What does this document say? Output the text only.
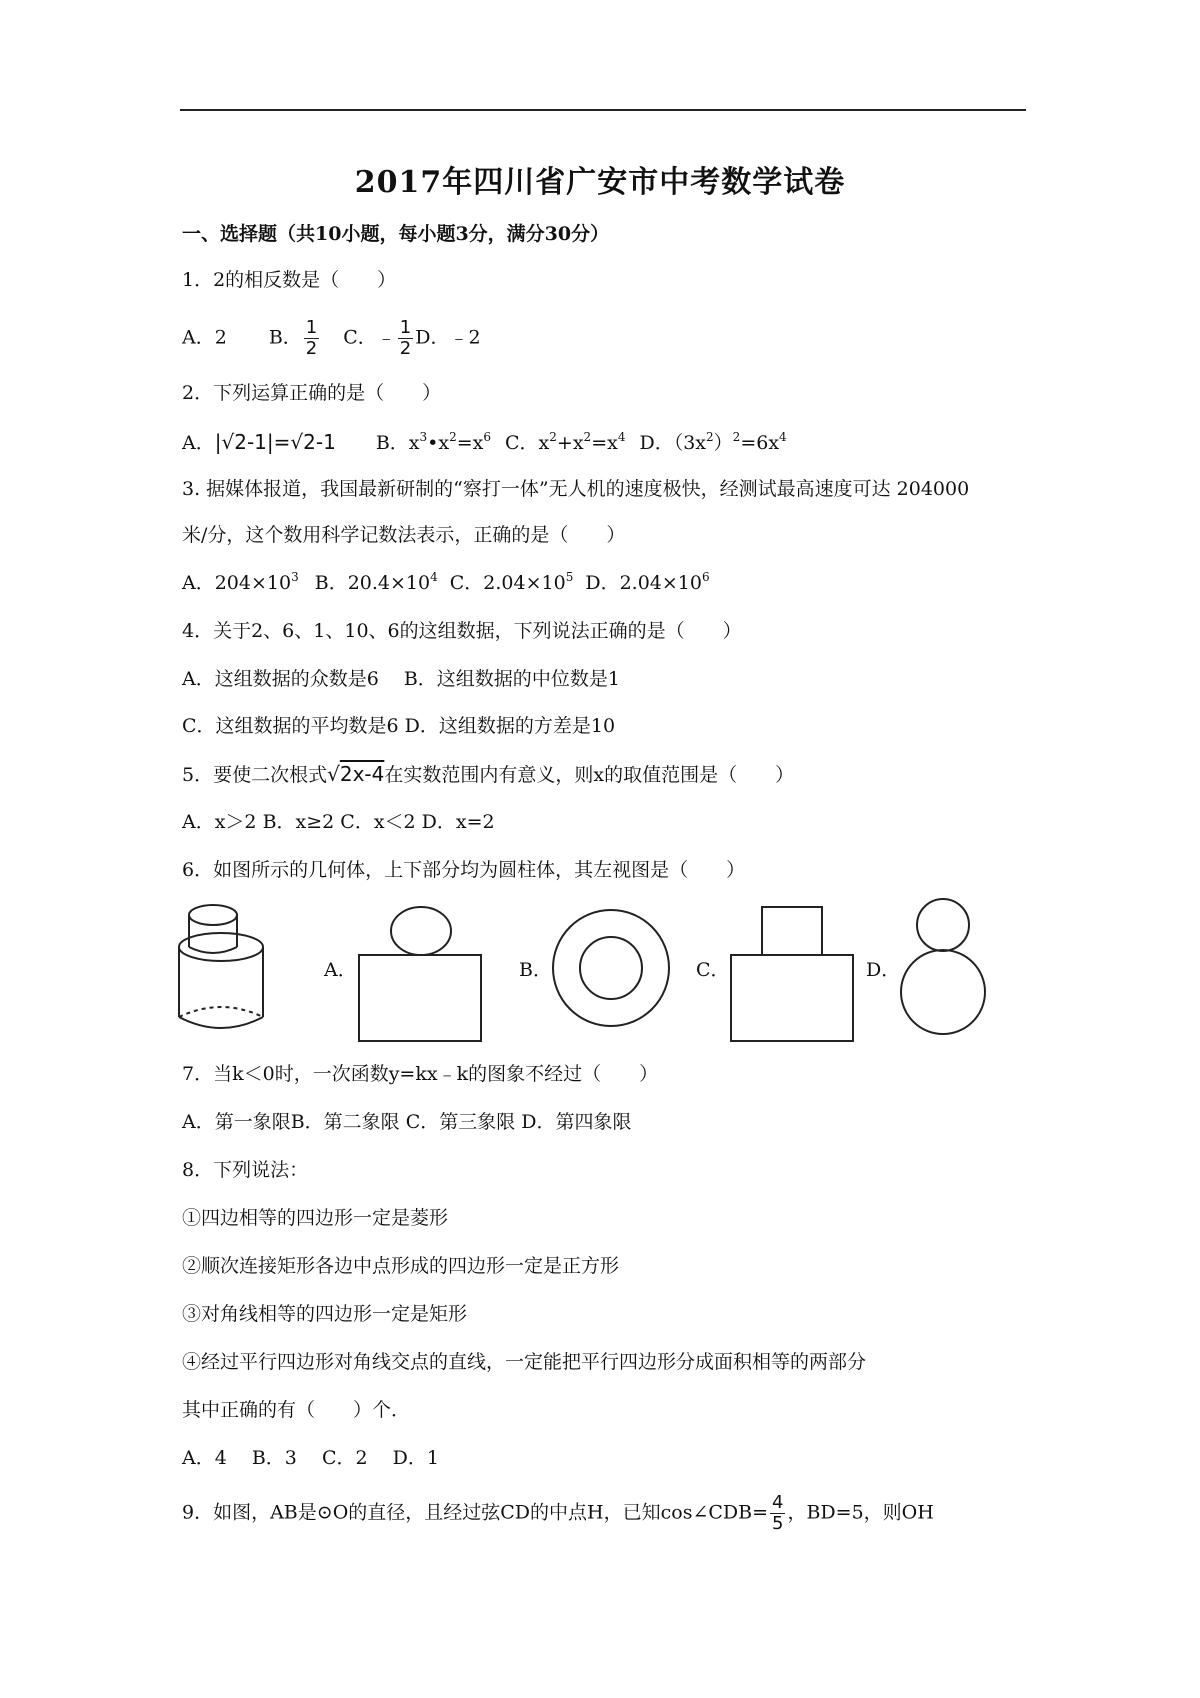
2017年四川省广安市中考数学试卷
一、选择题（共10小题，每小题3分，满分30分）
1．2的相反数是（　　）
A．2 B． $\frac{1}{2}$ C．﹣ $\frac{1}{2}$ D．﹣2
2．下列运算正确的是（　　）
A．|√2-1|=√2-1 B．$x^3•x^2=x^6$ C．$x^2+x^2=x^4$ D．$(3x^2)^2=6x^4$
3. 据媒体报道，我国最新研制的“察打一体”无人机的速度极快，经测试最高速度可达 204000
米/分，这个数用科学记数法表示，正确的是（　　）
A．$204\times 10^3$ B．$20.4\times 10^4$ C．$2.04\times 10^5$ D．$2.04\times 10^6$
4．关于2、6、1、10、6的这组数据，下列说法正确的是（　　）
A．这组数据的众数是6　 B．这组数据的中位数是1
C．这组数据的平均数是6 D．这组数据的方差是10
5．要使二次根式√2x-4在实数范围内有意义，则x的取值范围是（　　）
A．x＞2 B．x≥2 C．x＜2 D．x=2
6．如图所示的几何体，上下部分均为圆柱体，其左视图是（　　）
A．	B．	C．	D．
7．当k＜0时，一次函数y=kx﹣k的图象不经过（　　）
A．第一象限B．第二象限 C．第三象限 D．第四象限
8．下列说法：
①四边相等的四边形一定是菱形
②顺次连接矩形各边中点形成的四边形一定是正方形
③对角线相等的四边形一定是矩形
④经过平行四边形对角线交点的直线，一定能把平行四边形分成面积相等的两部分
其中正确的有（　　）个．
A．4　 B．3　 C．2　 D．1
9．如图，AB是⊙O的直径，且经过弦CD的中点H，已知cos∠CDB= $\frac{4}{5}$ ，BD=5，则OH
